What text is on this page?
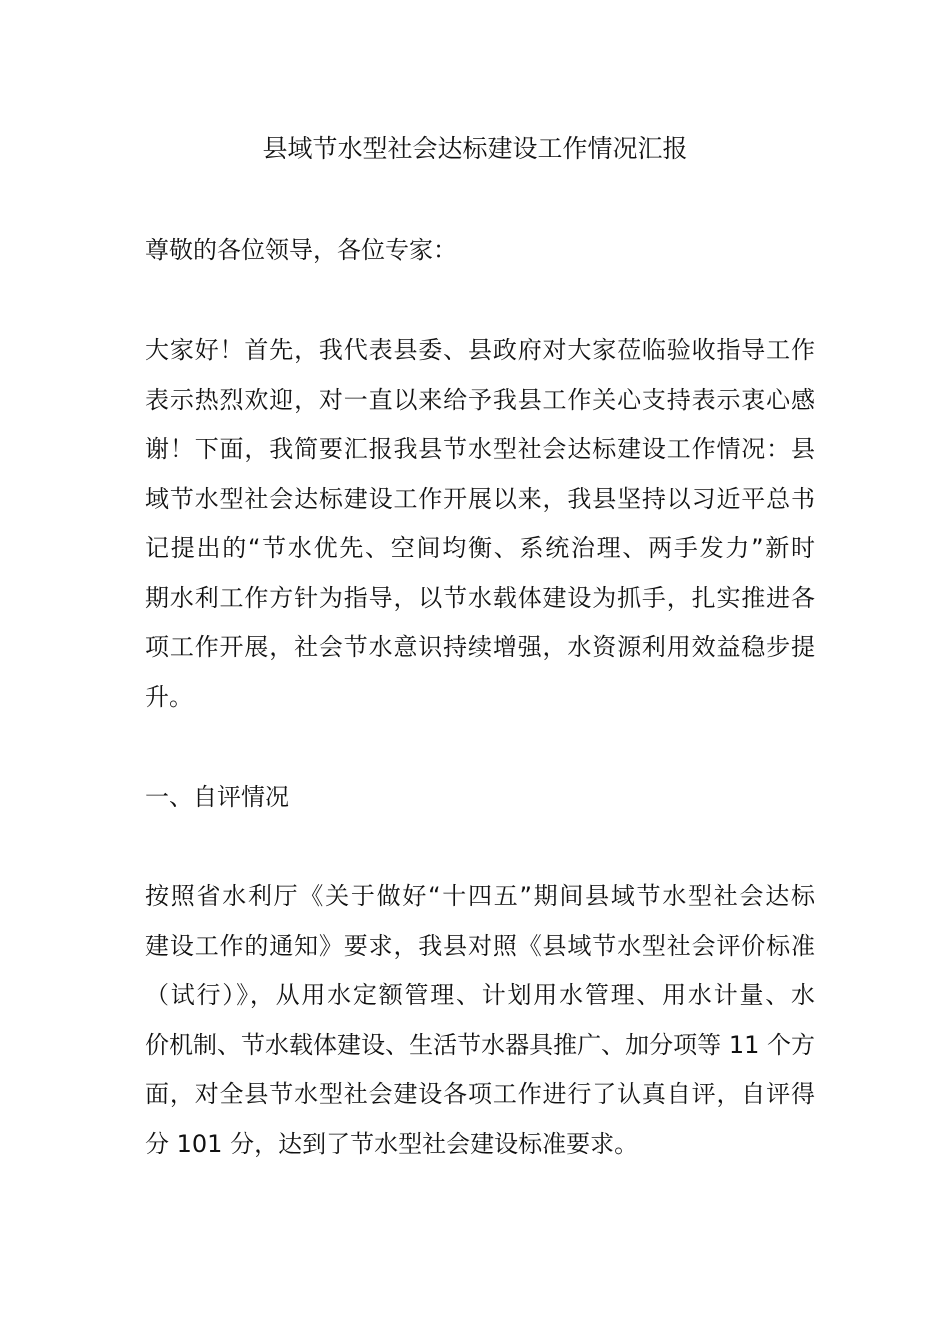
县域节水型社会达标建设工作情况汇报
尊敬的各位领导，各位专家：
大家好！首先，我代表县委、县政府对大家莅临验收指导工作
表示热烈欢迎，对一直以来给予我县工作关心支持表示衷心感
谢！下面，我简要汇报我县节水型社会达标建设工作情况：县
域节水型社会达标建设工作开展以来，我县坚持以习近平总书
记提出的“节水优先、空间均衡、系统治理、两手发力”新时
期水利工作方针为指导，以节水载体建设为抓手，扎实推进各
项工作开展，社会节水意识持续增强，水资源利用效益稳步提
升。
一、自评情况
按照省水利厅《关于做好“十四五”期间县域节水型社会达标
建设工作的通知》要求，我县对照《县域节水型社会评价标准
（试行）》，从用水定额管理、计划用水管理、用水计量、水
价机制、节水载体建设、生活节水器具推广、加分项等 11 个方
面，对全县节水型社会建设各项工作进行了认真自评，自评得
分 101 分，达到了节水型社会建设标准要求。
